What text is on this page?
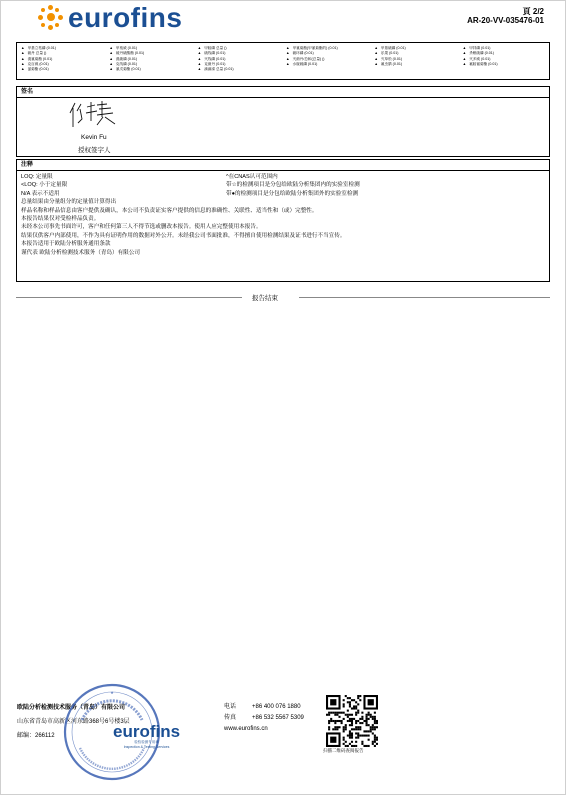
eurofins	頁 2/2
AR-20-VV-035476-01
▲ 甲基立枯磷 (0.01)	▲ 甲萘威 (0.01)	▲ 甲胺磷 总量 ()	▲ 甲氰菊酯(甲氰菊酯的) (0.01)	▲ 甲基硫磷 (0.01)	▲ 甲拌磷 (0.01)
▲ 硫丹 总量 ()	▲ 硫丹硫酸酯 (0.01)	▲ 硫线磷 (0.01)	▲ 硫环磷 (0.01)	▲ 乐果 (0.01)	▲ 杀螟硫磷 (0.01)
▲ 溴氰菊酯 (0.01)	▲ 溴硫磷 (0.01)	▲ 灭线磷 (0.01)	▲ 灭菌丹/总和(总量) ()	▲ 灭草松 (0.01)	▲ 灭多威 (0.01)
▲ 克百威 (0.01)	▲ 克线磷 (0.01)	▲ 克菌丹 (0.01)	▲ 水胺硫磷 (0.01)	▲ 氟虫腈 (0.01)	▲ 氟胺氰菊酯 (0.01)
▲ 氯菊酯 (0.01)	▲ 氰戊菊酯 (0.01)	▲ 滴滴涕 总量 (0.01)
签名
Kevin Fu
授权签字人
注释
LOQ: 定量限	^在CNAS认可范围内
<LOQ: 小于定量限	带☆的检测项目是分包给欧陆分析集团内的实验室检测
N/A 表示不适用	带●的检测项目是分包给欧陆分析集团外的实验室检测
总量结果由分量组分的定量值计算得出
样品名称和样品信息由客户提供及确认，本公司不负责证实客户提供的信息的准确性、关联性、适当性和（或）完整性。
本报告结果仅对受检样品负责。
未经本公司事先书面许可，客户和任何第三人不得节选或删改本报告。使用人应完整使用本报告。
结果仅供客户内部使用，不作为具有证明作用的数据对外公开。未经我公司书面批准，不得擅自使用检测结果及证书进行不当宣传。
本报告适用于欧陆分析服务通用条款
谨代表 欧陆分析检测技术服务（青岛）有限公司
报告结束
欧陆分析检测技术服务（青岛）有限公司
山东省青岛市高新区河东路368号6号楼3层
邮编：266112
★
eurofins
检验检测专用章
Inspection & Testing Services
电话	+86 400 076 1880
传真	+86 532 5567 5309
www.eurofins.cn
扫描二维码查阅报告
